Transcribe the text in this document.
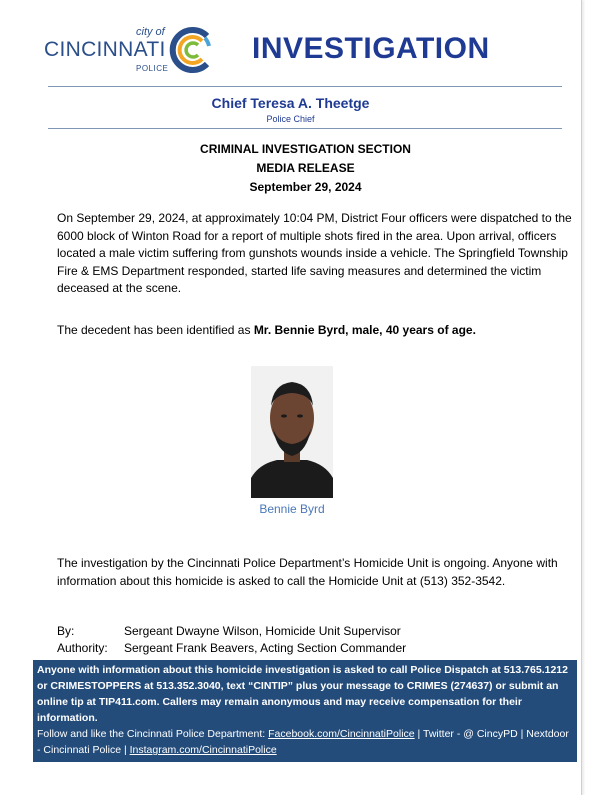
city of
CINCINNATI
POLICE
INVESTIGATION
Chief Teresa A. Theetge
Police Chief
CRIMINAL INVESTIGATION SECTION
MEDIA RELEASE
September 29, 2024
On September 29, 2024, at approximately 10:04 PM, District Four officers were dispatched to the 6000 block of Winton Road for a report of multiple shots fired in the area. Upon arrival, officers located a male victim suffering from gunshots wounds inside a vehicle. The Springfield Township Fire & EMS Department responded, started life saving measures and determined the victim deceased at the scene.
The decedent has been identified as Mr. Bennie Byrd, male, 40 years of age.
Bennie Byrd
The investigation by the Cincinnati Police Department’s Homicide Unit is ongoing. Anyone with information about this homicide is asked to call the Homicide Unit at (513) 352-3542.
By:	Sergeant Dwayne Wilson, Homicide Unit Supervisor
Authority: Sergeant Frank Beavers, Acting Section Commander
Anyone with information about this homicide investigation is asked to call Police Dispatch at 513.765.1212 or CRIMESTOPPERS at 513.352.3040, text “CINTIP” plus your message to CRIMES (274637) or submit an online tip at TIP411.com. Callers may remain anonymous and may receive compensation for their information.
Follow and like the Cincinnati Police Department: Facebook.com/CincinnatiPolice | Twitter - @ CincyPD | Nextdoor - Cincinnati Police | Instagram.com/CincinnatiPolice
